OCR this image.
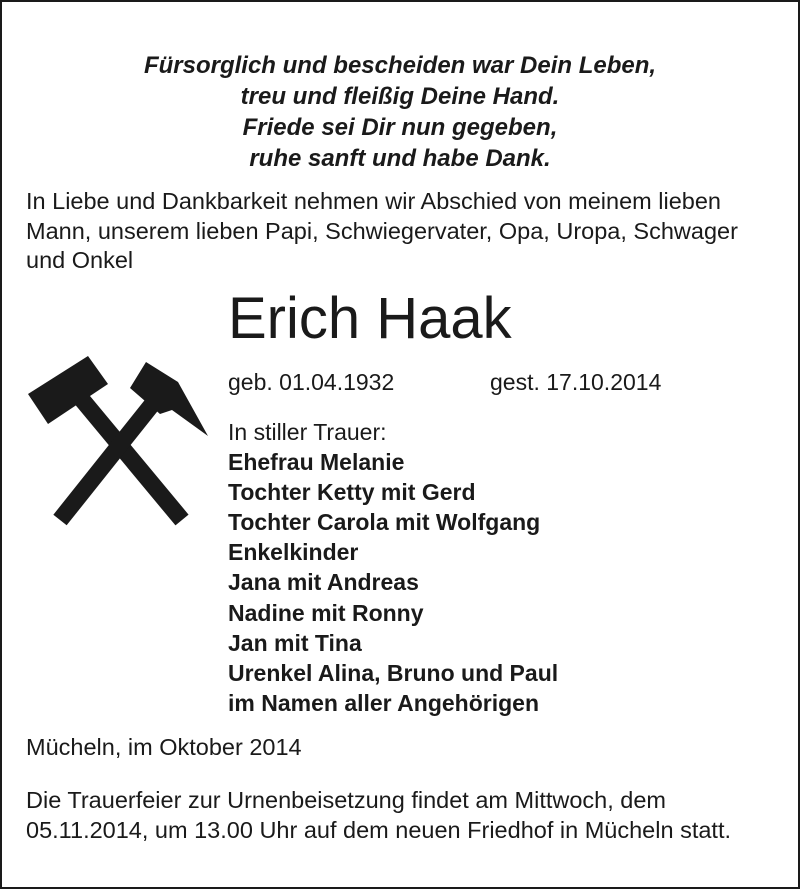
Fürsorglich und bescheiden war Dein Leben,
treu und fleißig Deine Hand.
Friede sei Dir nun gegeben,
ruhe sanft und habe Dank.
In Liebe und Dankbarkeit nehmen wir Abschied von meinem lieben
Mann, unserem lieben Papi, Schwiegervater, Opa, Uropa, Schwager
und Onkel
Erich Haak
geb. 01.04.1932	gest. 17.10.2014
In stiller Trauer:
Ehefrau Melanie
Tochter Ketty mit Gerd
Tochter Carola mit Wolfgang
Enkelkinder
Jana mit Andreas
Nadine mit Ronny
Jan mit Tina
Urenkel Alina, Bruno und Paul
im Namen aller Angehörigen
Mücheln, im Oktober 2014
Die Trauerfeier zur Urnenbeisetzung findet am Mittwoch, dem
05.11.2014, um 13.00 Uhr auf dem neuen Friedhof in Mücheln statt.
